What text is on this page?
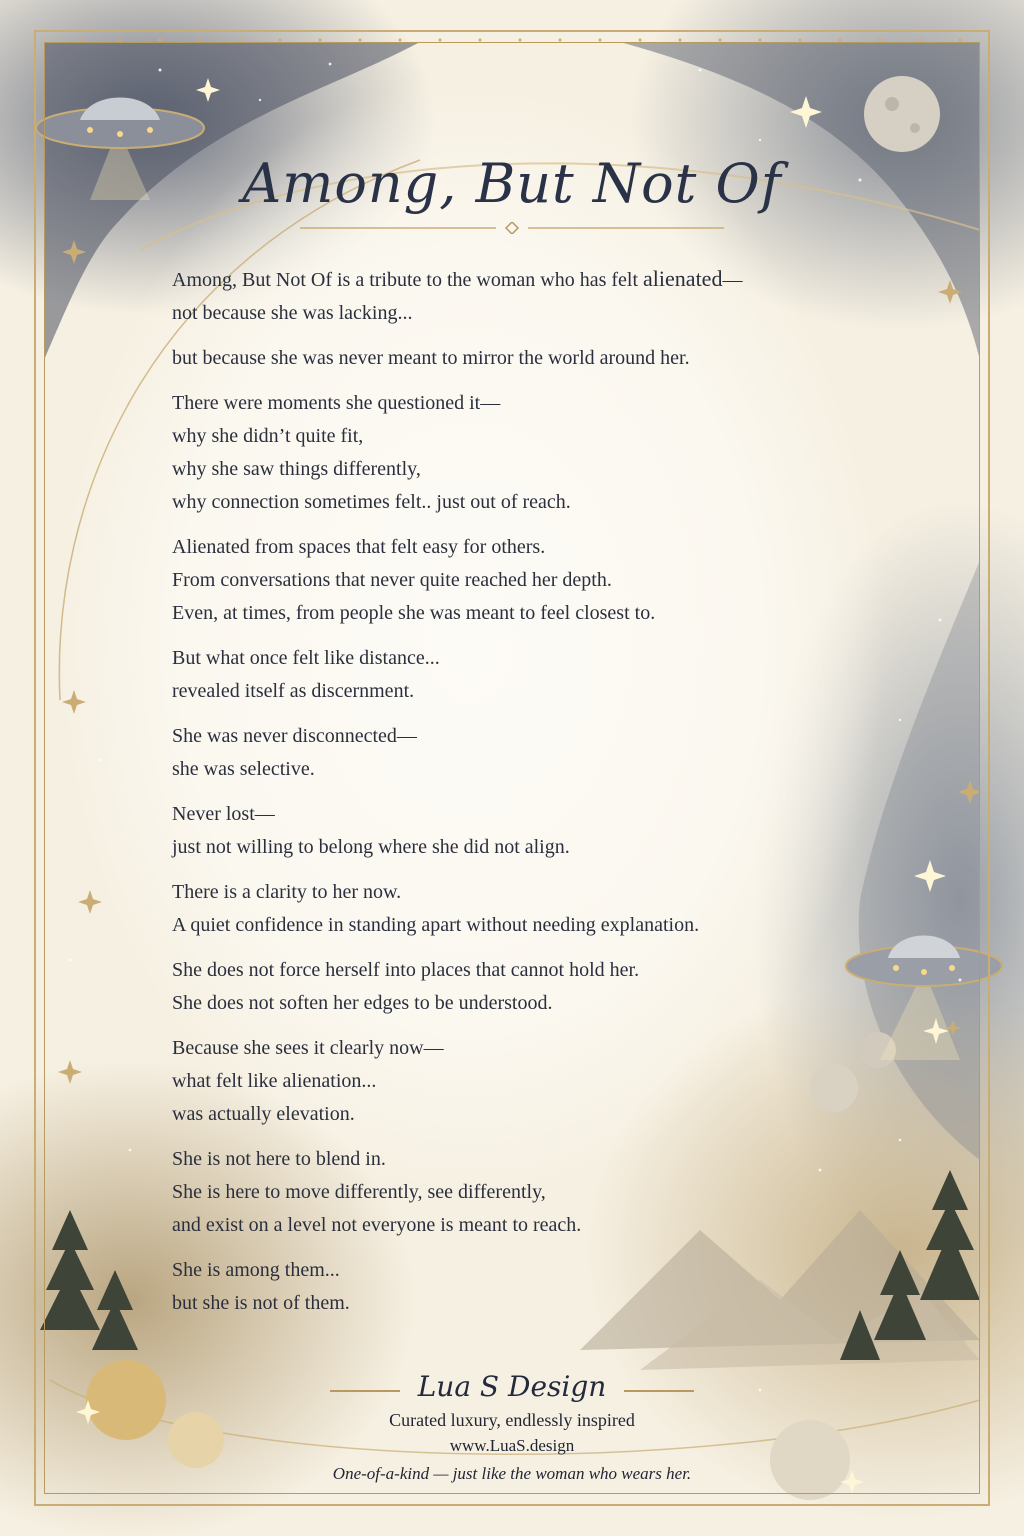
Among, But Not Of
Among, But Not Of is a tribute to the woman who has felt alienated—
not because she was lacking...
but because she was never meant to mirror the world around her.
There were moments she questioned it—
why she didn’t quite fit,
why she saw things differently,
why connection sometimes felt.. just out of reach.
Alienated from spaces that felt easy for others.
From conversations that never quite reached her depth.
Even, at times, from people she was meant to feel closest to.
But what once felt like distance...
revealed itself as discernment.
She was never disconnected—
she was selective.
Never lost—
just not willing to belong where she did not align.
There is a clarity to her now.
A quiet confidence in standing apart without needing explanation.
She does not force herself into places that cannot hold her.
She does not soften her edges to be understood.
Because she sees it clearly now—
what felt like alienation...
was actually elevation.
She is not here to blend in.
She is here to move differently, see differently,
and exist on a level not everyone is meant to reach.
She is among them...
but she is not of them.
Lua S Design
Curated luxury, endlessly inspired
www.LuaS.design
One-of-a-kind — just like the woman who wears her.
